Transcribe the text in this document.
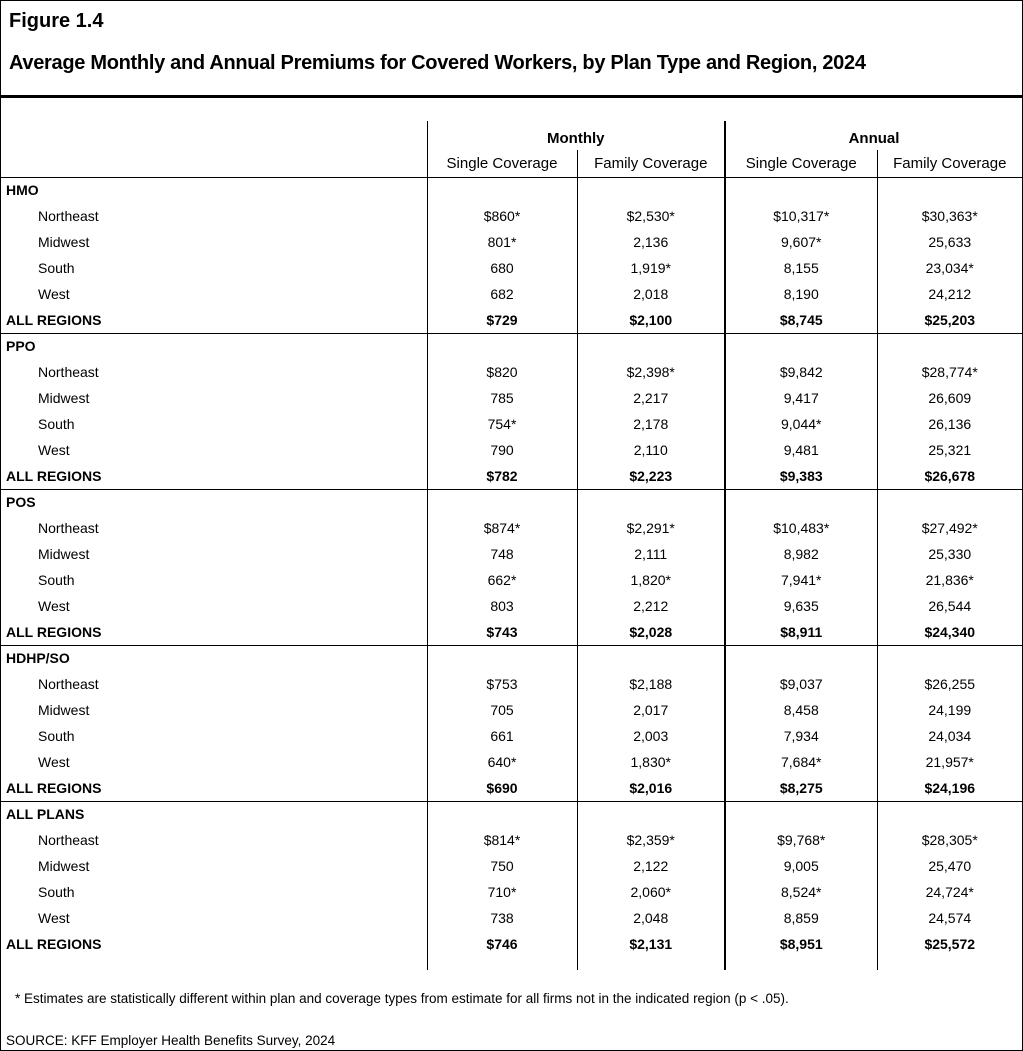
Figure 1.4
Average Monthly and Annual Premiums for Covered Workers, by Plan Type and Region, 2024

	Monthly		Annual	
	Single Coverage	Family Coverage	Single Coverage	Family Coverage
HMO				
Northeast	$860*	$2,530*	$10,317*	$30,363*
Midwest	801*	2,136	9,607*	25,633
South	680	1,919*	8,155	23,034*
West	682	2,018	8,190	24,212
ALL REGIONS	$729	$2,100	$8,745	$25,203
PPO				
Northeast	$820	$2,398*	$9,842	$28,774*
Midwest	785	2,217	9,417	26,609
South	754*	2,178	9,044*	26,136
West	790	2,110	9,481	25,321
ALL REGIONS	$782	$2,223	$9,383	$26,678
POS				
Northeast	$874*	$2,291*	$10,483*	$27,492*
Midwest	748	2,111	8,982	25,330
South	662*	1,820*	7,941*	21,836*
West	803	2,212	9,635	26,544
ALL REGIONS	$743	$2,028	$8,911	$24,340
HDHP/SO				
Northeast	$753	$2,188	$9,037	$26,255
Midwest	705	2,017	8,458	24,199
South	661	2,003	7,934	24,034
West	640*	1,830*	7,684*	21,957*
ALL REGIONS	$690	$2,016	$8,275	$24,196
ALL PLANS				
Northeast	$814*	$2,359*	$9,768*	$28,305*
Midwest	750	2,122	9,005	25,470
South	710*	2,060*	8,524*	24,724*
West	738	2,048	8,859	24,574
ALL REGIONS	$746	$2,131	$8,951	$25,572

* Estimates are statistically different within plan and coverage types from estimate for all firms not in the indicated region (p < .05).
SOURCE: KFF Employer Health Benefits Survey, 2024
